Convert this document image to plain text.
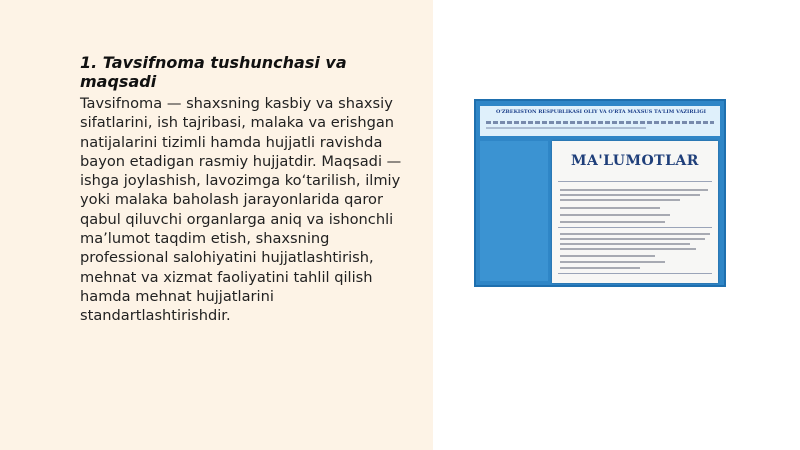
1. Tavsifnoma tushunchasi va maqsadi
Tavsifnoma — shaxsning kasbiy va shaxsiy sifatlarini, ish tajribasi, malaka va erishgan natijalarini tizimli hamda hujjatli ravishda bayon etadigan rasmiy hujjatdir. Maqsadi — ishga joylashish, lavozimga ko‘tarilish, ilmiy yoki malaka baholash jarayonlarida qaror qabul qiluvchi organlarga aniq va ishonchli ma’lumot taqdim etish, shaxsning professional salohiyatini hujjatlashtirish, mehnat va xizmat faoliyatini tahlil qilish hamda mehnat hujjatlarini standartlashtirishdir.
O'ZBEKISTON RESPUBLIKASI OLIY VA O'RTA MAXSUS TA'LIM VAZIRLIGI
MA'LUMOTLAR
